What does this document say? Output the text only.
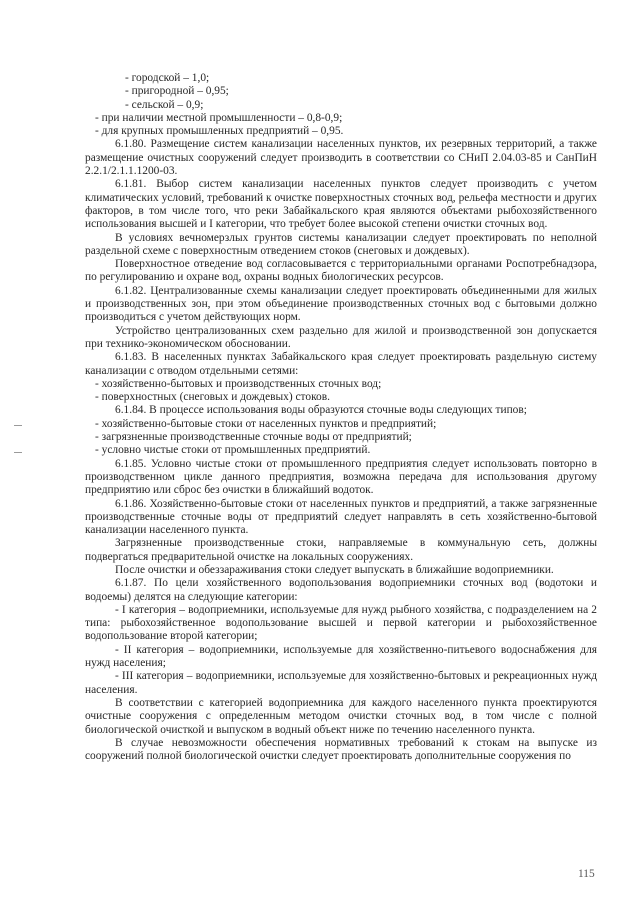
- городской – 1,0;

- пригородной – 0,95;

- сельской – 0,9;

- при наличии местной промышленности – 0,8-0,9;

- для крупных промышленных предприятий – 0,95.

6.1.80. Размещение систем канализации населенных пунктов, их резервных территорий, а также размещение очистных сооружений следует производить в соответствии со СНиП 2.04.03-85 и СанПиН 2.2.1/2.1.1.1200-03.

6.1.81. Выбор систем канализации населенных пунктов следует производить с учетом климатических условий, требований к очистке поверхностных сточных вод, рельефа местности и других факторов, в том числе того, что реки Забайкальского края являются объектами рыбохозяйственного использования высшей и I категории, что требует более высокой степени очистки сточных вод.

В условиях вечномерзлых грунтов системы канализации следует проектировать по неполной раздельной схеме с поверхностным отведением стоков (снеговых и дождевых).

Поверхностное отведение вод согласовывается с территориальными органами Роспотребнадзора, по регулированию и охране вод, охраны водных биологических ресурсов.

6.1.82. Централизованные схемы канализации следует проектировать объединенными для жилых и производственных зон, при этом объединение производственных сточных вод с бытовыми должно производиться с учетом действующих норм.

Устройство централизованных схем раздельно для жилой и производственной зон допускается при технико-экономическом обосновании.

6.1.83. В населенных пунктах Забайкальского края следует проектировать раздельную систему канализации с отводом отдельными сетями:

- хозяйственно-бытовых и производственных сточных вод;

- поверхностных (снеговых и дождевых) стоков.

6.1.84. В процессе использования воды образуются сточные воды следующих типов;

- хозяйственно-бытовые стоки от населенных пунктов и предприятий;

- загрязненные производственные сточные воды от предприятий;

- условно чистые стоки от промышленных предприятий.

6.1.85. Условно чистые стоки от промышленного предприятия следует использовать повторно в производственном цикле данного предприятия, возможна передача для использования другому предприятию или сброс без очистки в ближайший водоток.

6.1.86. Хозяйственно-бытовые стоки от населенных пунктов и предприятий, а также загрязненные производственные сточные воды от предприятий следует направлять в сеть хозяйственно-бытовой канализации населенного пункта.

Загрязненные производственные стоки, направляемые в коммунальную сеть, должны подвергаться предварительной очистке на локальных сооружениях.

После очистки и обеззараживания стоки следует выпускать в ближайшие водоприемники.

6.1.87. По цели хозяйственного водопользования водоприемники сточных вод (водотоки и водоемы) делятся на следующие категории:

- I категория – водоприемники, используемые для нужд рыбного хозяйства, с подразделением на 2 типа: рыбохозяйственное водопользование высшей и первой категории и рыбохозяйственное водопользование второй категории;

- II категория – водоприемники, используемые для хозяйственно-питьевого водоснабжения для нужд населения;

- III категория – водоприемники, используемые для хозяйственно-бытовых и рекреационных нужд населения.

В соответствии с категорией водоприемника для каждого населенного пункта проектируются очистные сооружения с определенным методом очистки сточных вод, в том числе с полной биологической очисткой и выпуском в водный объект ниже по течению населенного пункта.

В случае невозможности обеспечения нормативных требований к стокам на выпуске из сооружений полной биологической очистки следует проектировать дополнительные сооружения по

115
